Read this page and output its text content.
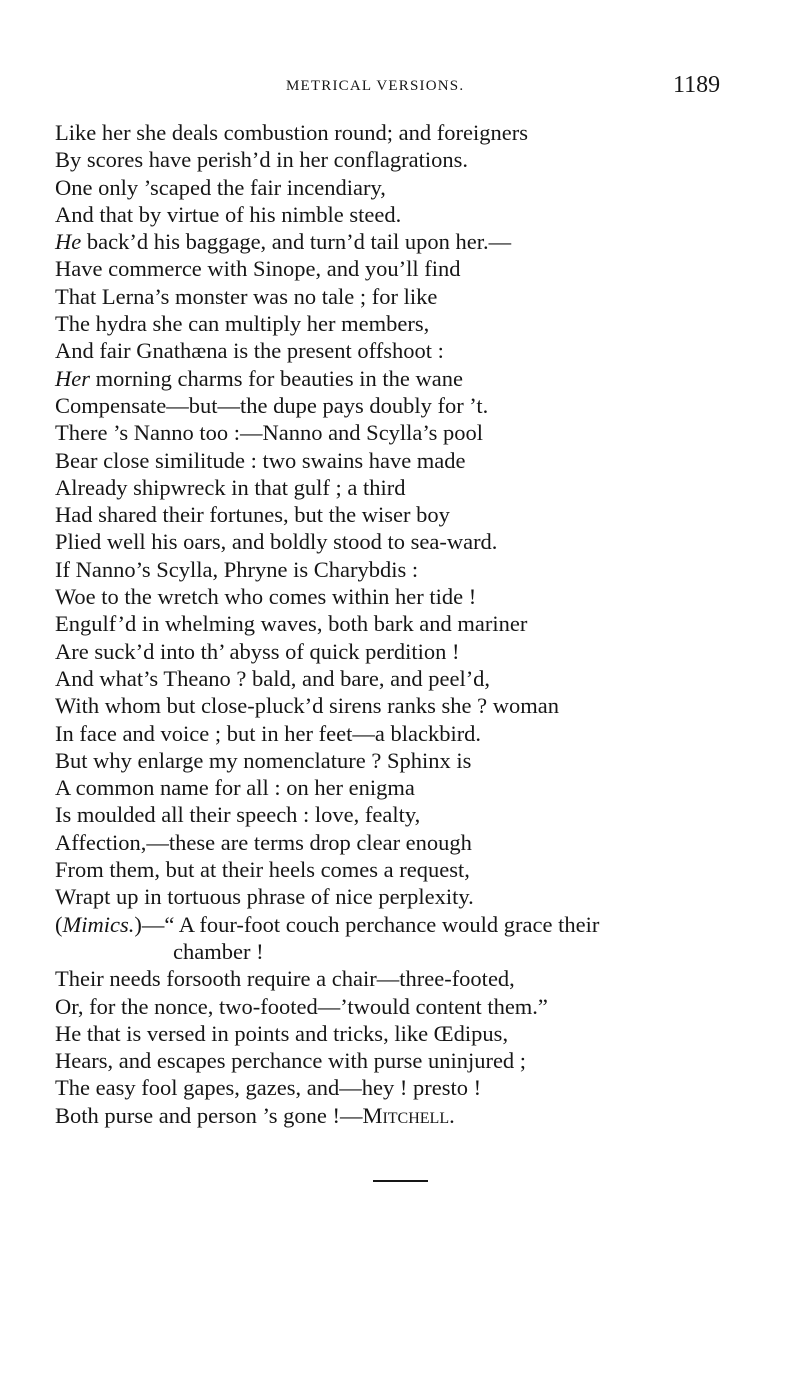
METRICAL VERSIONS.	1189
Like her she deals combustion round; and foreigners
By scores have perish’d in her conflagrations.
One only ’scaped the fair incendiary,
And that by virtue of his nimble steed.
He back’d his baggage, and turn’d tail upon her.—
Have commerce with Sinope, and you’ll find
That Lerna’s monster was no tale ; for like
The hydra she can multiply her members,
And fair Gnathæna is the present offshoot :
Her morning charms for beauties in the wane
Compensate—but—the dupe pays doubly for ’t.
There ’s Nanno too :—Nanno and Scylla’s pool
Bear close similitude : two swains have made
Already shipwreck in that gulf ; a third
Had shared their fortunes, but the wiser boy
Plied well his oars, and boldly stood to sea-ward.
If Nanno’s Scylla, Phryne is Charybdis :
Woe to the wretch who comes within her tide !
Engulf’d in whelming waves, both bark and mariner
Are suck’d into th’ abyss of quick perdition !
And what’s Theano ? bald, and bare, and peel’d,
With whom but close-pluck’d sirens ranks she ? woman
In face and voice ; but in her feet—a blackbird.
But why enlarge my nomenclature ? Sphinx is
A common name for all : on her enigma
Is moulded all their speech : love, fealty,
Affection,—these are terms drop clear enough
From them, but at their heels comes a request,
Wrapt up in tortuous phrase of nice perplexity.
(Mimics.)—“ A four-foot couch perchance would grace their
chamber !
Their needs forsooth require a chair—three-footed,
Or, for the nonce, two-footed—’twould content them.”
He that is versed in points and tricks, like Œdipus,
Hears, and escapes perchance with purse uninjured ;
The easy fool gapes, gazes, and—hey ! presto !
Both purse and person ’s gone !—Mitchell.
